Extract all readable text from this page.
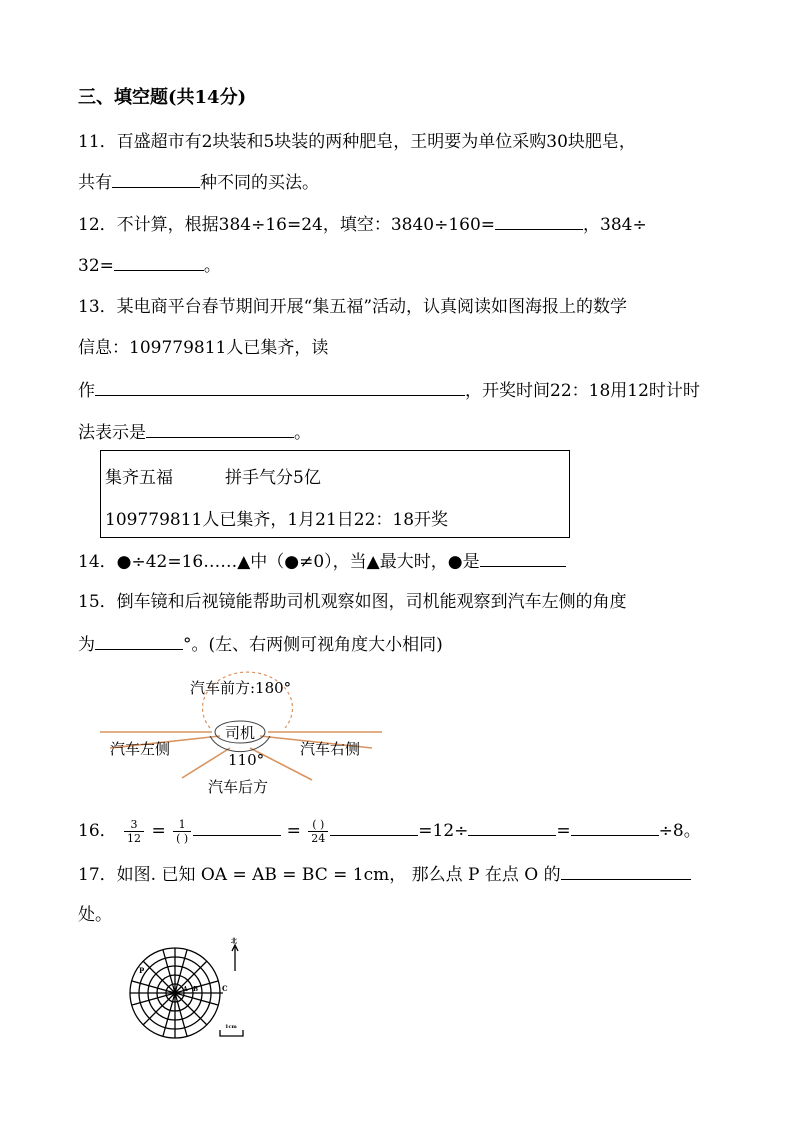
三、填空题(共14分)
11．百盛超市有2块装和5块装的两种肥皂，王明要为单位采购30块肥皂，
共有	种不同的买法。
12．不计算，根据384÷16=24，填空：3840÷160=	，384÷
32=	。
13．某电商平台春节期间开展“集五福”活动，认真阅读如图海报上的数学
信息：109779811人已集齐，读
作	，开奖时间22：18用12时计时
法表示是	。
集齐五福	拼手气分5亿
109779811人已集齐，1月21日22：18开奖
14．●÷42=16……▲中（●≠0），当▲最大时，●是
15．倒车镜和后视镜能帮助司机观察如图，司机能观察到汽车左侧的角度
为	°。(左、右两侧可视角度大小相同)
汽车前方:180°
汽车左侧	汽车右侧
司机
110°
汽车后方
16． $\frac{3}{12} = \frac{1}{( )}$	= $\frac{( )}{24}$	=12÷	=	÷8。
17．如图. 已知 OA = AB = BC = 1cm， 那么点 P 在点 O 的
处。
P
A B	C
北
1cm
